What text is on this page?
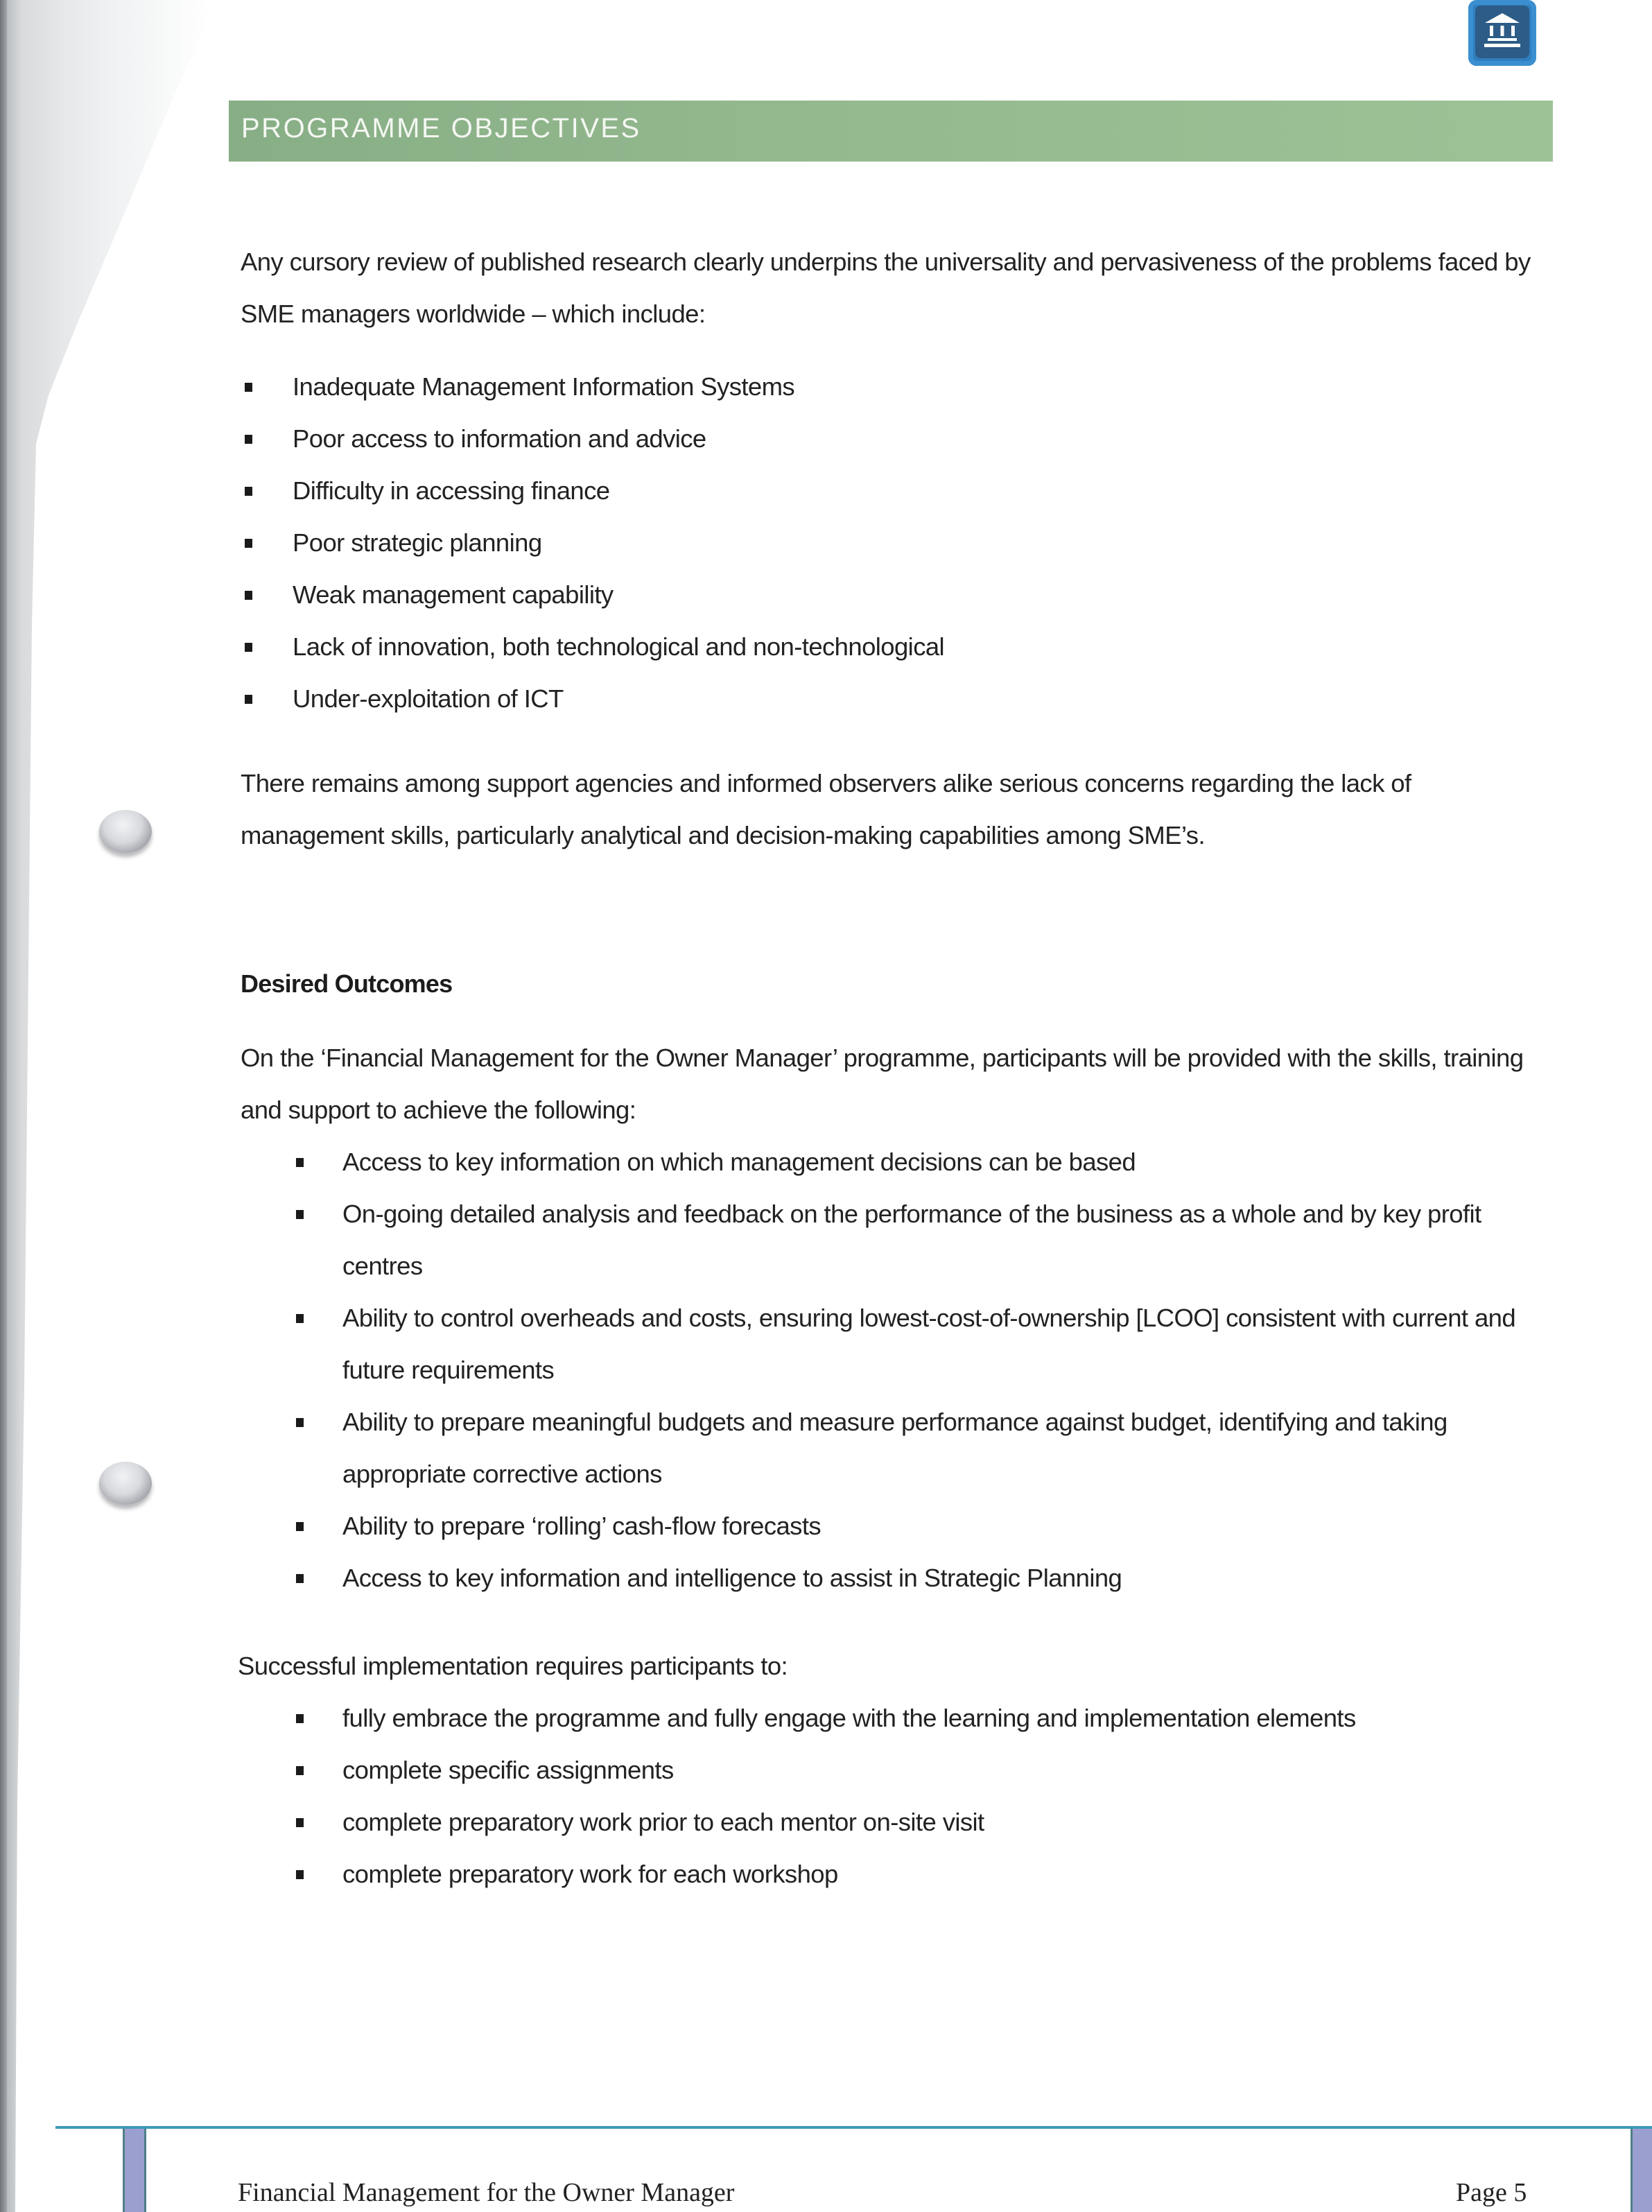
PROGRAMME OBJECTIVES
Any cursory review of published research clearly underpins the universality and pervasiveness of the problems faced by SME managers worldwide – which include:
Inadequate Management Information Systems
Poor access to information and advice
Difficulty in accessing finance
Poor strategic planning
Weak management capability
Lack of innovation, both technological and non-technological
Under-exploitation of ICT
There remains among support agencies and informed observers alike serious concerns regarding the lack of management skills, particularly analytical and decision-making capabilities among SME’s.
Desired Outcomes
On the ‘Financial Management for the Owner Manager’ programme, participants will be provided with the skills, training and support to achieve the following:
Access to key information on which management decisions can be based
On-going detailed analysis and feedback on the performance of the business as a whole and by key profit centres
Ability to control overheads and costs, ensuring lowest-cost-of-ownership [LCOO] consistent with current and future requirements
Ability to prepare meaningful budgets and measure performance against budget, identifying and taking appropriate corrective actions
Ability to prepare ‘rolling’ cash-flow forecasts
Access to key information and intelligence to assist in Strategic Planning
Successful implementation requires participants to:
fully embrace the programme and fully engage with the learning and implementation elements
complete specific assignments
complete preparatory work prior to each mentor on-site visit
complete preparatory work for each workshop
Financial Management for the Owner Manager	Page 5
